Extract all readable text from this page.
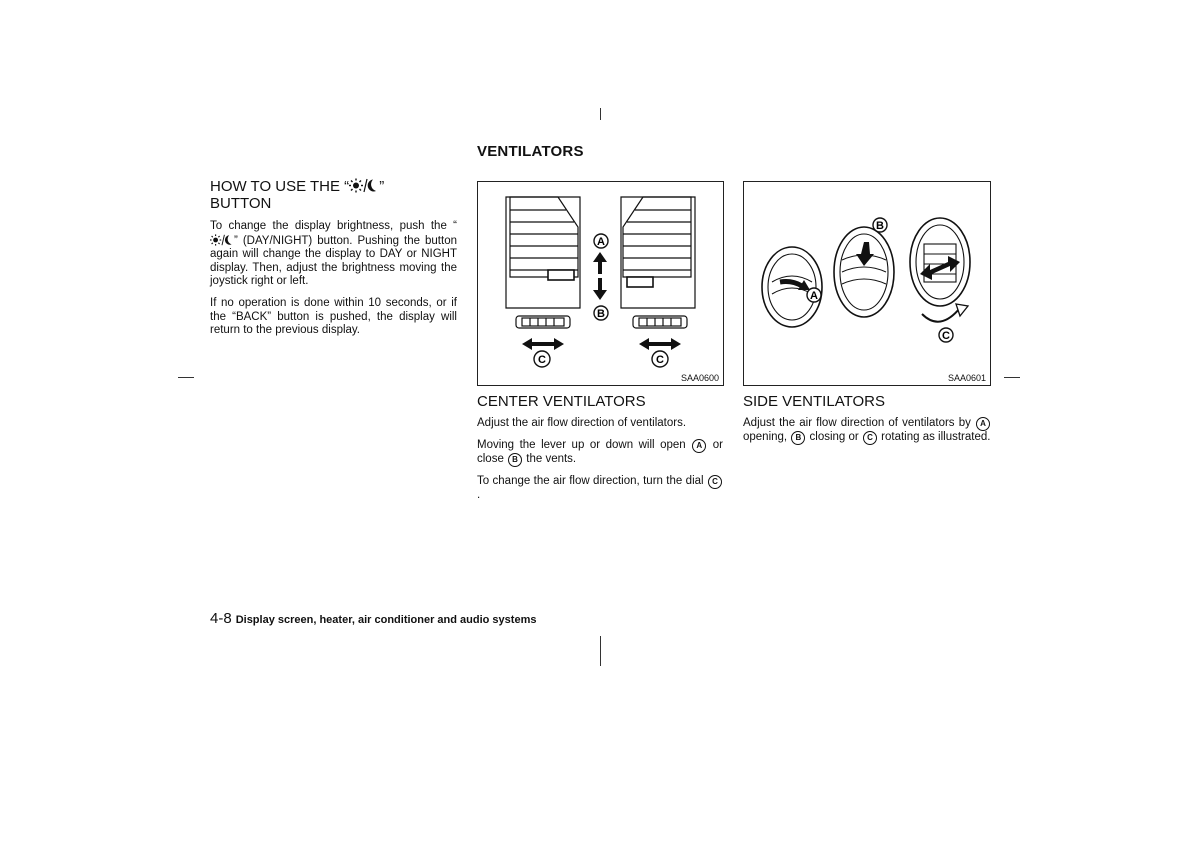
HOW TO USE THE “ ”
BUTTON

To change the display brightness, push the “” (DAY/NIGHT) button. Pushing the button again will change the display to DAY or NIGHT display. Then, adjust the brightness moving the joystick right or left.

If no operation is done within 10 seconds, or if the “BACK” button is pushed, the display will return to the previous display.

VENTILATORS
A
B
C	C
SAA0600
A
B
C
SAA0601
CENTER VENTILATORS

Adjust the air flow direction of ventilators.

Moving the lever up or down will open A or close B the vents.

To change the air flow direction, turn the dial C.

SIDE VENTILATORS

Adjust the air flow direction of ventilators by A opening, B closing or C rotating as illustrated.

4-8 Display screen, heater, air conditioner and audio systems
